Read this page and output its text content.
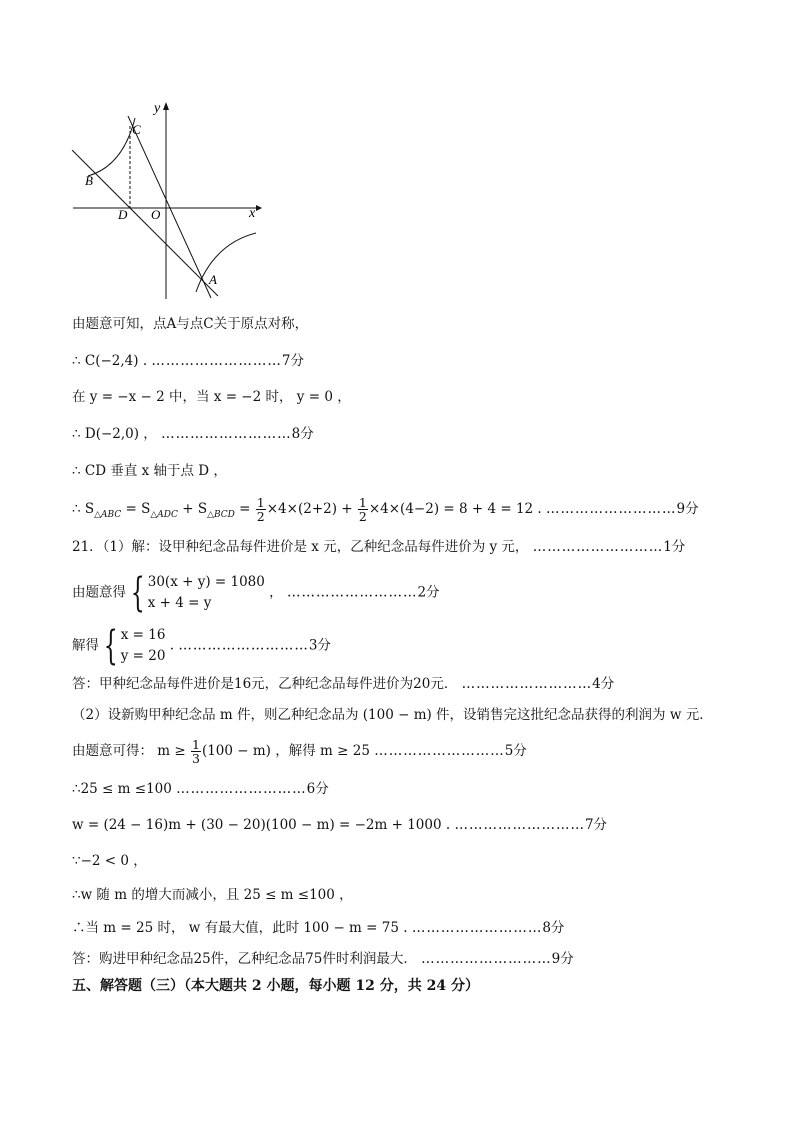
y
x
C
B
D O
A
由题意可知，点A与点C关于原点对称，
∴ C(−2,4) . ………………………7分
在 y = −x − 2 中，当 x = −2 时， y = 0 ，
∴ D(−2,0) ， ………………………8分
∴ CD 垂直 x 轴于点 D ，
∴ $S_{\triangle ABC} = S_{\triangle ADC} + S_{\triangle BCD} = \frac{1}{2} \times 4\times(2+2) + \frac{1}{2} \times 4\times(4-2) = 8 + 4 = 12$ . ………………………9分
21．（1）解：设甲种纪念品每件进价是 x 元，乙种纪念品每件进价为 y 元， ………………………1分
由题意得 { 30(x + y) = 1080
x + 4 = y
， ………………………2分
解得 { x = 16
y = 20
. ………………………3分
答：甲种纪念品每件进价是16元，乙种纪念品每件进价为20元． ………………………4分
（2）设新购甲种纪念品 m 件，则乙种纪念品为 (100 − m) 件，设销售完这批纪念品获得的利润为 w 元．
由题意可得： $m \ge \frac{1}{3} (100 - m)$ ，解得 m ≥ 25 ………………………5分
∴25 ≤ m ≤100 ………………………6分
w = (24 − 16)m + (30 − 20)(100 − m) = −2m + 1000 . ………………………7分
∵−2 < 0 ，
∴w 随 m 的增大而减小，且 25 ≤ m ≤100 ，
∴当 m = 25 时， w 有最大值，此时 100 − m = 75 . ………………………8分
答：购进甲种纪念品25件，乙种纪念品75件时利润最大． ………………………9分
五、解答题（三）（本大题共 2 小题，每小题 12 分，共 24 分）
